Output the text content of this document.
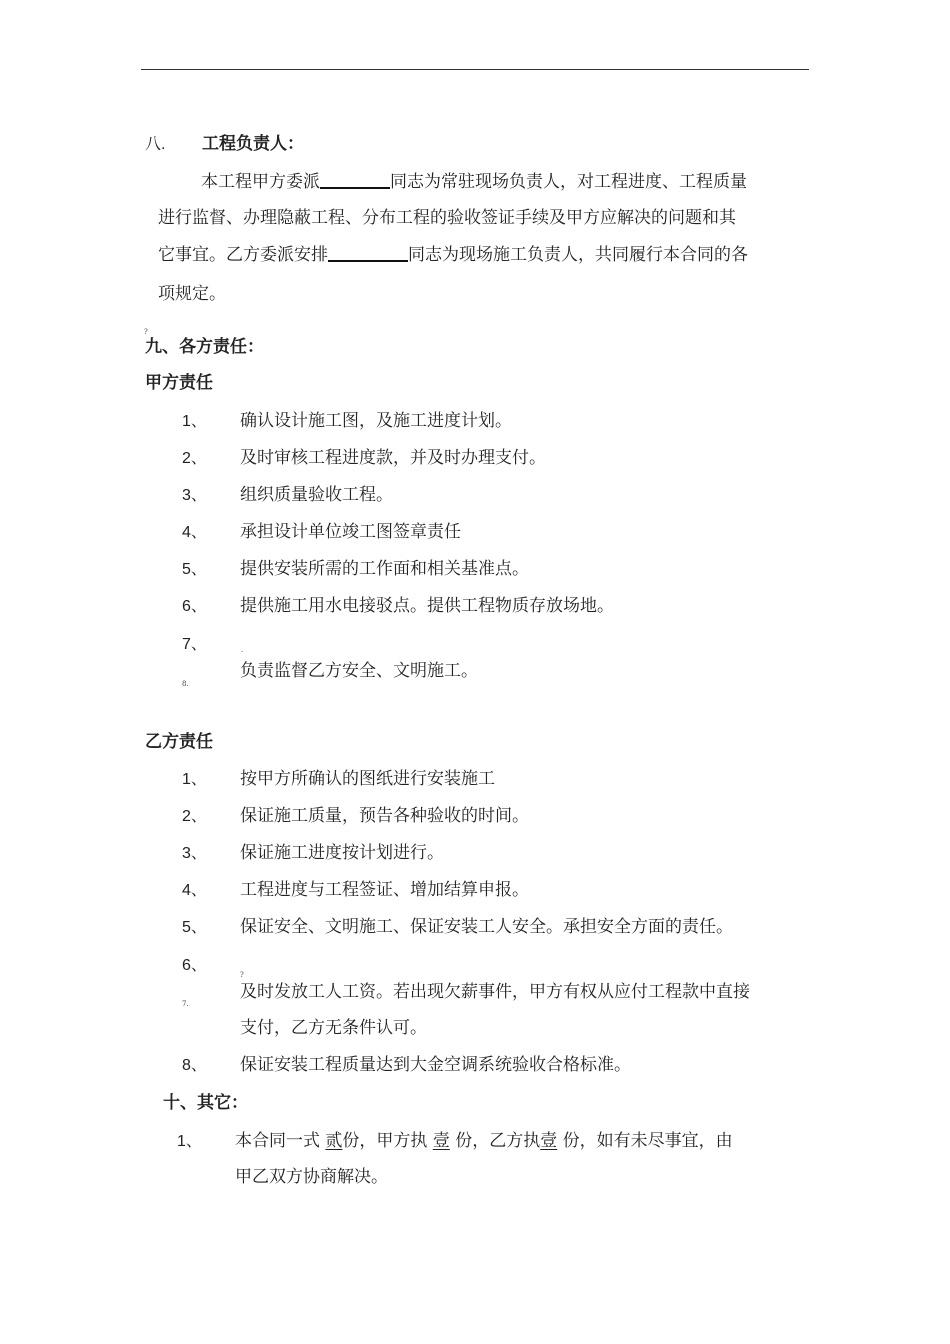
八. 工程负责人：
本工程甲方委派	同志为常驻现场负责人，对工程进度、工程质量
进行监督、办理隐蔽工程、分布工程的验收签证手续及甲方应解决的问题和其
它事宜。乙方委派安排	同志为现场施工负责人，共同履行本合同的各
项规定。
?
九、各方责任：
甲方责任
1、 确认设计施工图，及施工进度计划。
2、 及时审核工程进度款，并及时办理支付。
3、 组织质量验收工程。
4、 承担设计单位竣工图签章责任
5、 提供安装所需的工作面和相关基准点。
6、 提供施工用水电接驳点。提供工程物质存放场地。
7、	·
8.
负责监督乙方安全、文明施工。
乙方责任
1、 按甲方所确认的图纸进行安装施工
2、 保证施工质量，预告各种验收的时间。
3、 保证施工进度按计划进行。
4、 工程进度与工程签证、增加结算申报。
5、 保证安全、文明施工、保证安装工人安全。承担安全方面的责任。
6、
?
7.
及时发放工人工资。若出现欠薪事件，甲方有权从应付工程款中直接
支付，乙方无条件认可。
8、 保证安装工程质量达到大金空调系统验收合格标准。
十、其它：
1、 本合同一式 贰份，甲方执 壹 份，乙方执壹 份，如有未尽事宜，由
甲乙双方协商解决。
